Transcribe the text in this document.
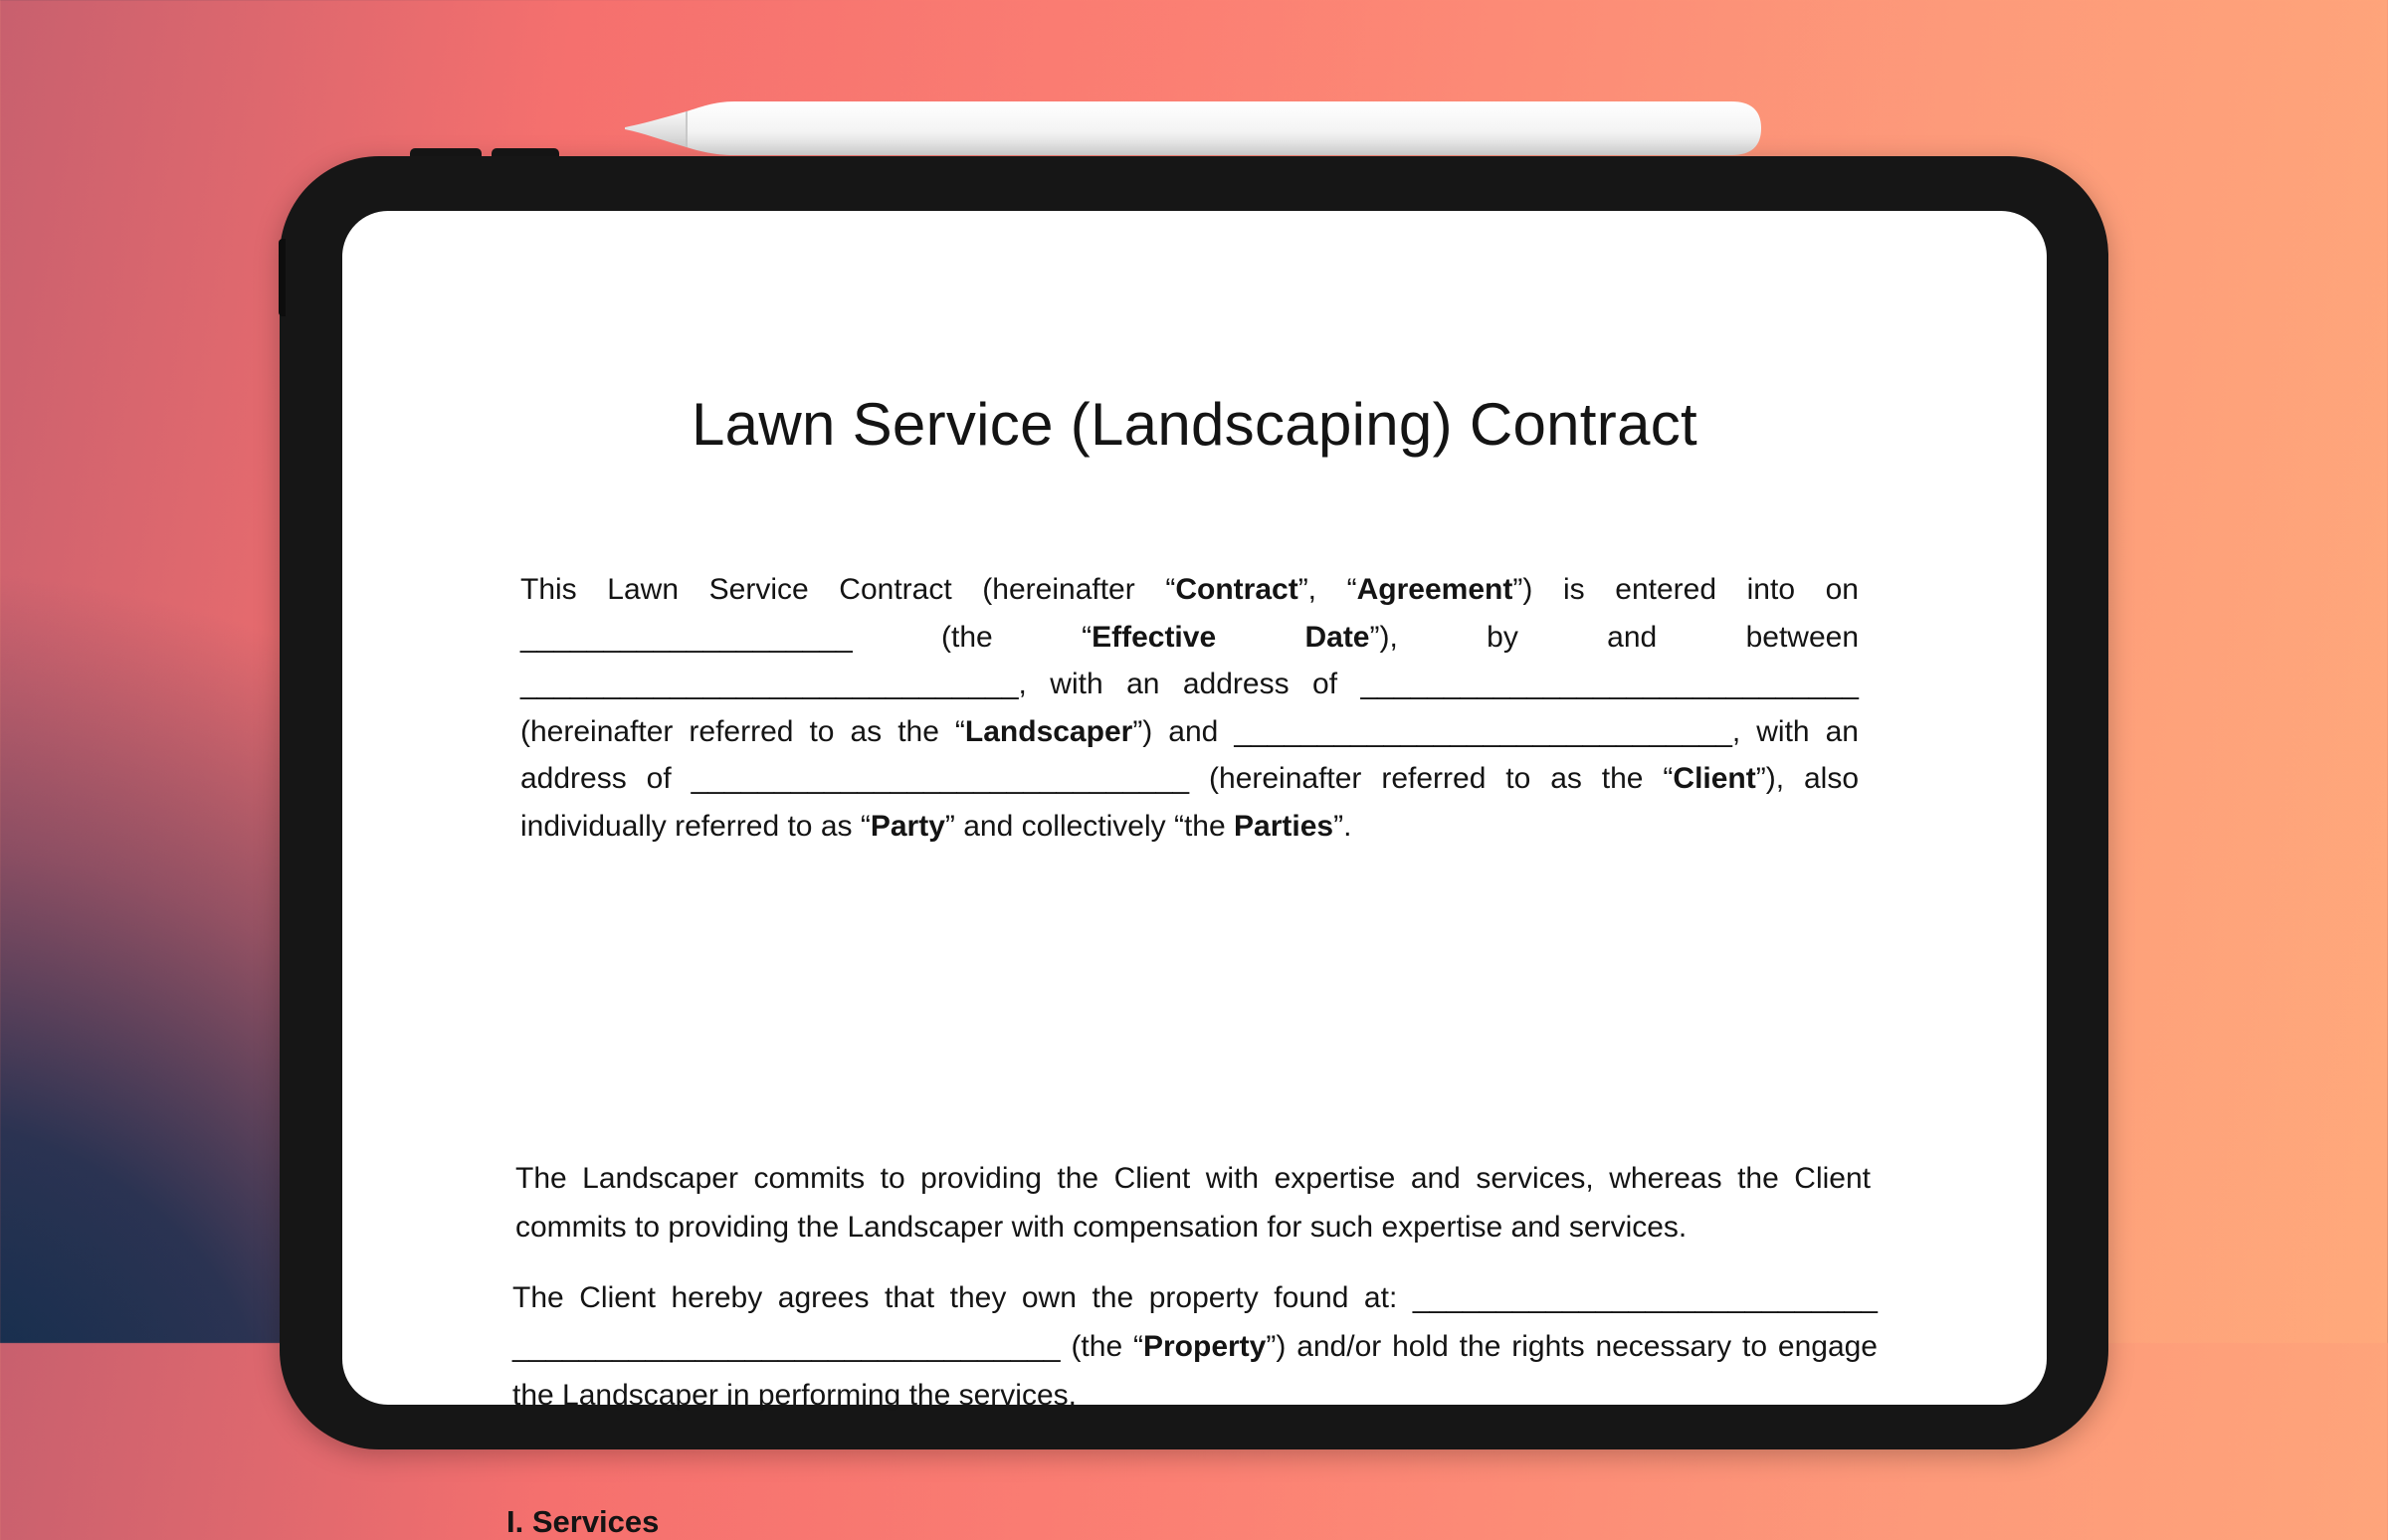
Lawn Service (Landscaping) Contract

This Lawn Service Contract (hereinafter “Contract”, “Agreement”) is entered into on ____________________ (the “Effective Date”), by and between ______________________________, with an address of ______________________________ (hereinafter referred to as the “Landscaper”) and ______________________________, with an address of ______________________________ (hereinafter referred to as the “Client”), also individually referred to as “Party” and collectively “the Parties”.

The Landscaper commits to providing the Client with expertise and services, whereas the Client commits to providing the Landscaper with compensation for such expertise and services.

The Client hereby agrees that they own the property found at: ____________________________ _________________________________ (the “Property”) and/or hold the rights necessary to engage the Landscaper in performing the services.

I. Services
